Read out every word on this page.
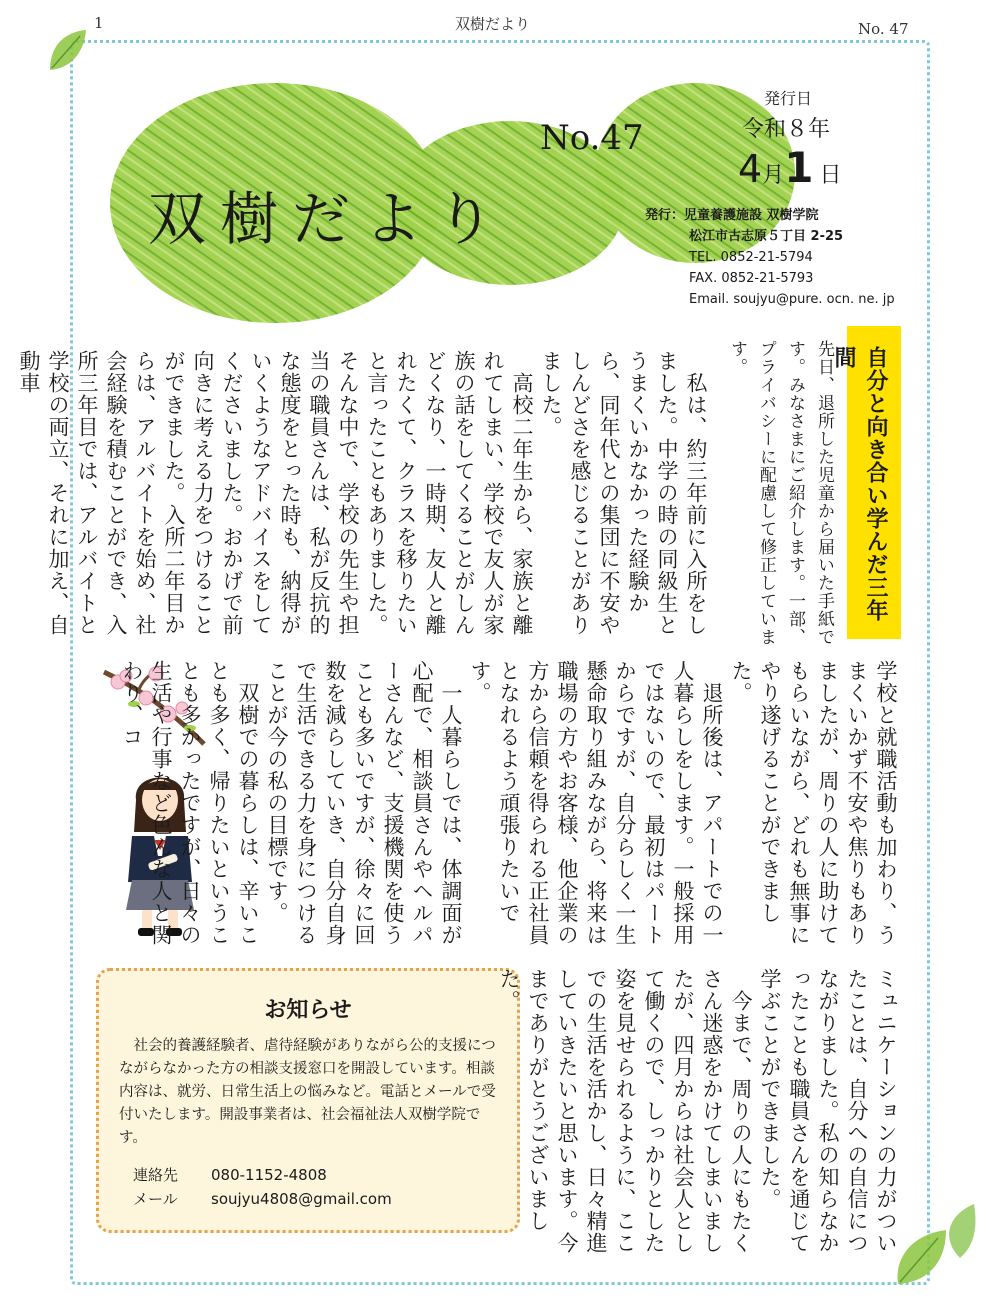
1	双樹だより	No. 47
双樹だより
No.47
発行日
令和８年
4月1 日
発行：児童養護施設 双樹学院
松江市古志原５丁目 2-25
TEL. 0852-21-5794
FAX. 0852-21-5793
Email. soujyu@pure. ocn. ne. jp
自分と向き合い学んだ三年間
先日、退所した児童から届いた手紙です。みなさまにご紹介します。一部、プライバシーに配慮して修正しています。
　私は、約三年前に入所をしました。中学の時の同級生とうまくいかなかった経験から、同年代との集団に不安やしんどさを感じることがありました。
　高校二年生から、家族と離れてしまい、学校で友人が家族の話をしてくることがしんどくなり、一時期、友人と離れたくて、クラスを移りたいと言ったこともありました。そんな中で、学校の先生や担当の職員さんは、私が反抗的な態度をとった時も、納得がいくようなアドバイスをしてくださいました。おかげで前向きに考える力をつけることができました。入所二年目からは、アルバイトを始め、社会経験を積むことができ、入所三年目では、アルバイトと学校の両立、それに加え、自動車
学校と就職活動も加わり、うまくいかず不安や焦りもありましたが、周りの人に助けてもらいながら、どれも無事にやり遂げることができました。
　退所後は、アパートでの一人暮らしをします。一般採用ではないので、最初はパートからですが、自分らしく一生懸命取り組みながら、将来は職場の方やお客様、他企業の方から信頼を得られる正社員となれるよう頑張りたいです。
　一人暮らしでは、体調面が心配で、相談員さんやヘルパーさんなど、支援機関を使うことも多いですが、徐々に回数を減らしていき、自分自身で生活できる力を身につけることが今の私の目標です。
　双樹での暮らしは、辛いことも多く、帰りたいということも多かったですが、日々の生活や行事など色んな人と関わり、コ
お知らせ
　社会的養護経験者、虐待経験がありながら公的支援につながらなかった方の相談支援窓口を開設しています。相談内容は、就労、日常生活上の悩みなど。電話とメールで受付いたします。開設事業者は、社会福祉法人双樹学院です。
連絡先 080-1152-4808
メール soujyu4808@gmail.com	ミュニケーションの力がついたことは、自分への自信につながりました。私の知らなかったことも職員さんを通じて学ぶことができました。
　今まで、周りの人にもたくさん迷惑をかけてしまいましたが、四月からは社会人として働くので、しっかりとした姿を見せられるように、ここでの生活を活かし、日々精進していきたいと思います。今までありがとうございました。
